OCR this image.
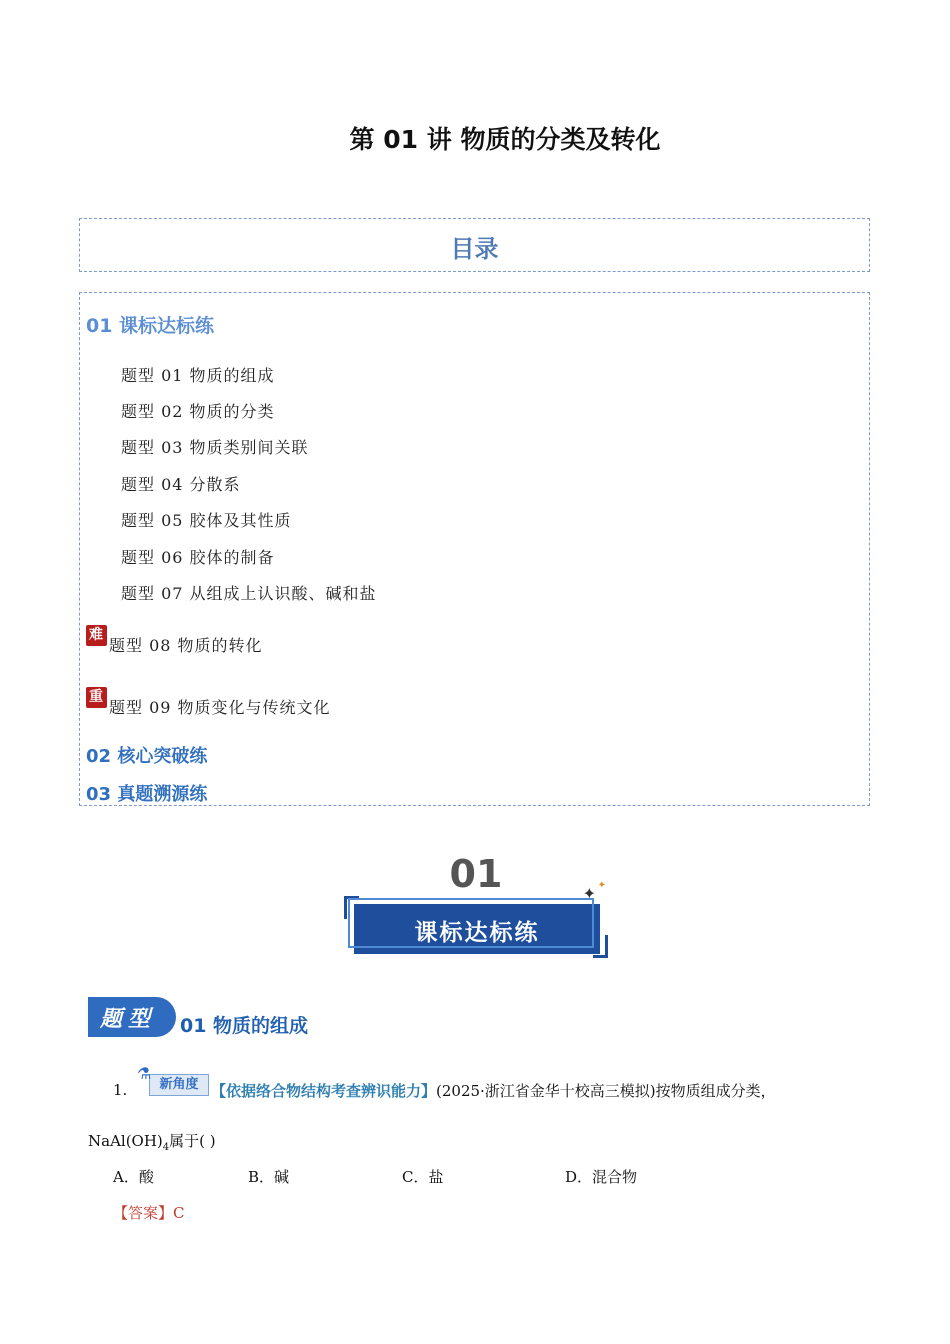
第 01 讲 物质的分类及转化
目录
01 课标达标练
题型 01 物质的组成
题型 02 物质的分类
题型 03 物质类别间关联
题型 04 分散系
题型 05 胶体及其性质
题型 06 胶体的制备
题型 07 从组成上认识酸、碱和盐
难
题型 08 物质的转化
重
题型 09 物质变化与传统文化
02 核心突破练
03 真题溯源练
01
课标达标练
✦ ✦
题型	01 物质的组成
1.	新角度
⚗
【依据络合物结构考查辨识能力】(2025·浙江省金华十校高三模拟)按物质组成分类，
$NaAl(OH)_4$属于( )
A．酸	B．碱	C．盐	D．混合物
【答案】C
